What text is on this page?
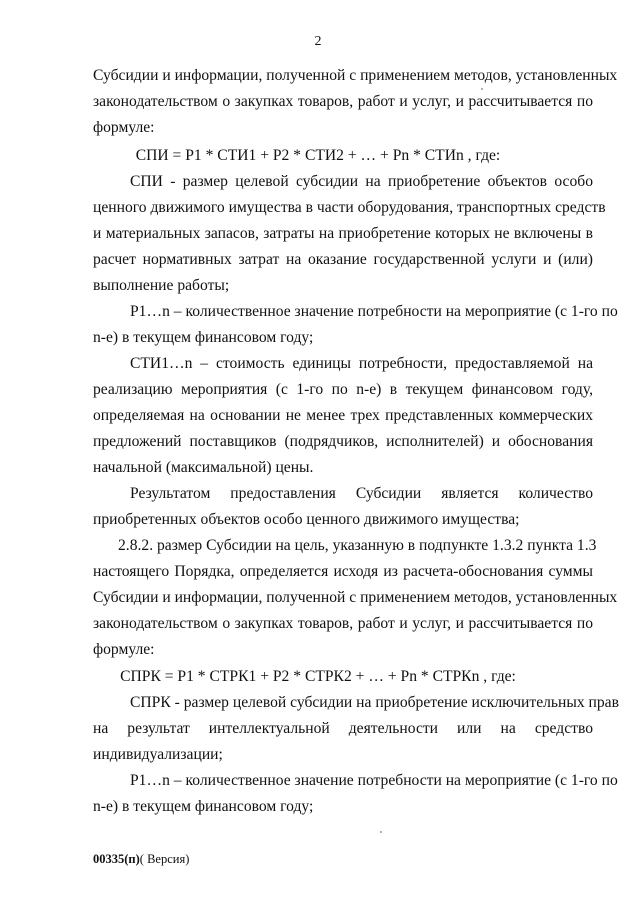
2

Субсидии и информации, полученной с применением методов, установленных

законодательством о закупках товаров, работ и услуг, и рассчитывается по

формуле:

СПИ = P1 * СТИ1 + P2 * СТИ2 + … + Pn * СТИn , где:

СПИ - размер целевой субсидии на приобретение объектов особо

ценного движимого имущества в части оборудования, транспортных средств

и материальных запасов, затраты на приобретение которых не включены в

расчет нормативных затрат на оказание государственной услуги и (или)

выполнение работы;

P1…n – количественное значение потребности на мероприятие (с 1-го по

n-е) в текущем финансовом году;

СТИ1…n – стоимость единицы потребности, предоставляемой на

реализацию мероприятия (с 1-го по n-е) в текущем финансовом году,

определяемая на основании не менее трех представленных коммерческих

предложений поставщиков (подрядчиков, исполнителей) и обоснования

начальной (максимальной) цены.

Результатом предоставления Субсидии является количество

приобретенных объектов особо ценного движимого имущества;

2.8.2. размер Субсидии на цель, указанную в подпункте 1.3.2 пункта 1.3

настоящего Порядка, определяется исходя из расчета-обоснования суммы

Субсидии и информации, полученной с применением методов, установленных

законодательством о закупках товаров, работ и услуг, и рассчитывается по

формуле:

СПРК = P1 * СТРК1 + P2 * СТРК2 + … + Pn * СТРКn , где:

СПРК - размер целевой субсидии на приобретение исключительных прав

на результат интеллектуальной деятельности или на средство

индивидуализации;

P1…n – количественное значение потребности на мероприятие (с 1-го по

n-е) в текущем финансовом году;

00335(п)( Версия)
